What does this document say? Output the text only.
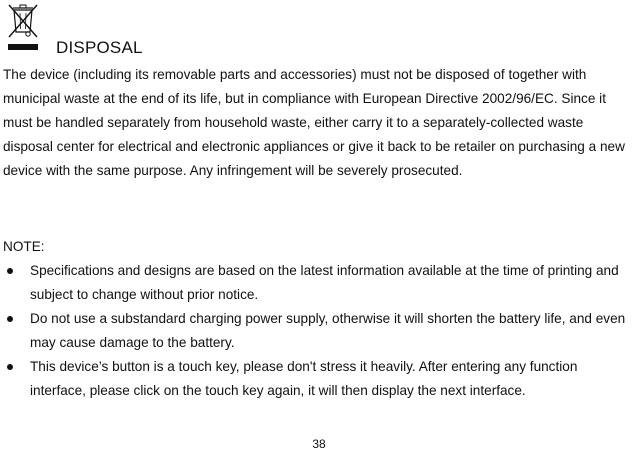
DISPOSAL

The device (including its removable parts and accessories) must not be disposed of together with municipal waste at the end of its life, but in compliance with European Directive 2002/96/EC. Since it must be handled separately from household waste, either carry it to a separately-collected waste disposal center for electrical and electronic appliances or give it back to be retailer on purchasing a new device with the same purpose. Any infringement will be severely prosecuted.

NOTE:

Specifications and designs are based on the latest information available at the time of printing and subject to change without prior notice.
Do not use a substandard charging power supply, otherwise it will shorten the battery life, and even may cause damage to the battery.
This device’s button is a touch key, please don't stress it heavily. After entering any function interface, please click on the touch key again, it will then display the next interface.
38
